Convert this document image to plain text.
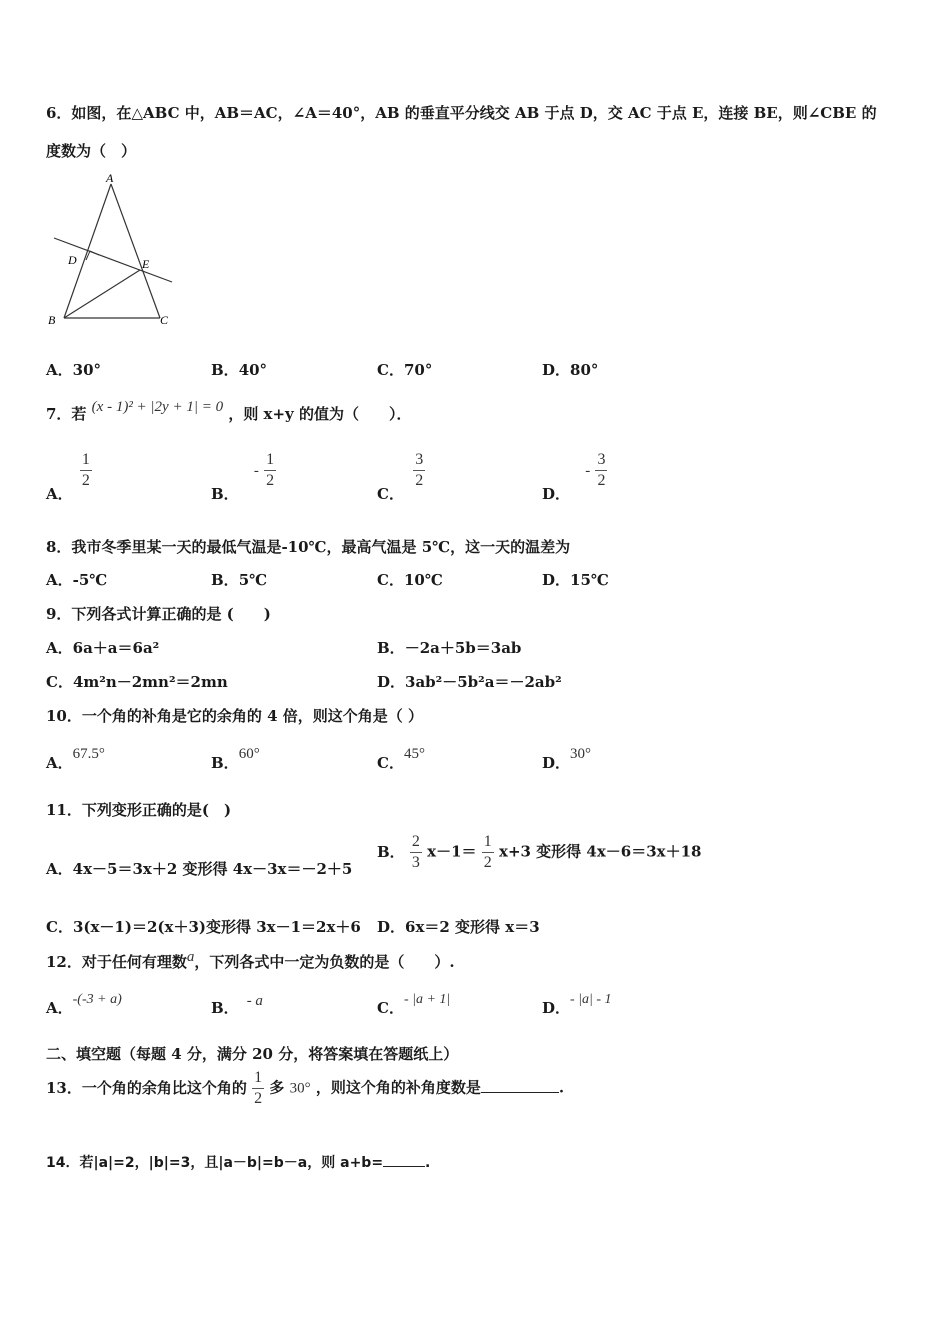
6．如图，在△ABC 中，AB＝AC，∠A＝40°，AB 的垂直平分线交 AB 于点 D，交 AC 于点 E，连接 BE，则∠CBE 的
度数为（　）
A
B	C
D	E
A．30°	B．40°	C．70°	D．80°
7．若 (x - 1)² + |2y + 1| = 0 ，则 x+y 的值为（　　）．
A．
$\frac{1}{2}$
B． - $\frac{1}{2}$
C．
$\frac{3}{2}$
D． - $\frac{3}{2}$
8．我市冬季里某一天的最低气温是-10℃，最高气温是 5℃，这一天的温差为
A．-5℃	B．5℃	C．10℃	D．15℃
9．下列各式计算正确的是 (　　)
A．6a＋a＝6a²	B．－2a＋5b＝3ab
C．4m²n－2mn²＝2mn	D．3ab²－5b²a＝－2ab²
10．一个角的补角是它的余角的 4 倍，则这个角是（ ）
A．67.5°	B．60°	C．45°	D．30°
11．下列变形正确的是(　)
A．4x－5＝3x＋2 变形得 4x－3x＝－2＋5
B． $\frac{2}{3} x-1= \frac{1}{2} x+3$ 变形得 4x－6＝3x＋18
C．3(x－1)＝2(x＋3)变形得 3x－1＝2x＋6 D．6x＝2 变形得 x＝3
12．对于任何有理数a，下列各式中一定为负数的是（　　）.
A．-(-3 + a)	B． - a	C．- |a + 1|	D．- |a| - 1
二、填空题（每题 4 分，满分 20 分，将答案填在答题纸上）
13．一个角的余角比这个角的 $\frac{1}{2}$ 多 30° ，则这个角的补角度数是	.
14．若|a|=2，|b|=3，且|a－b|=b－a，则 a+b=	.
